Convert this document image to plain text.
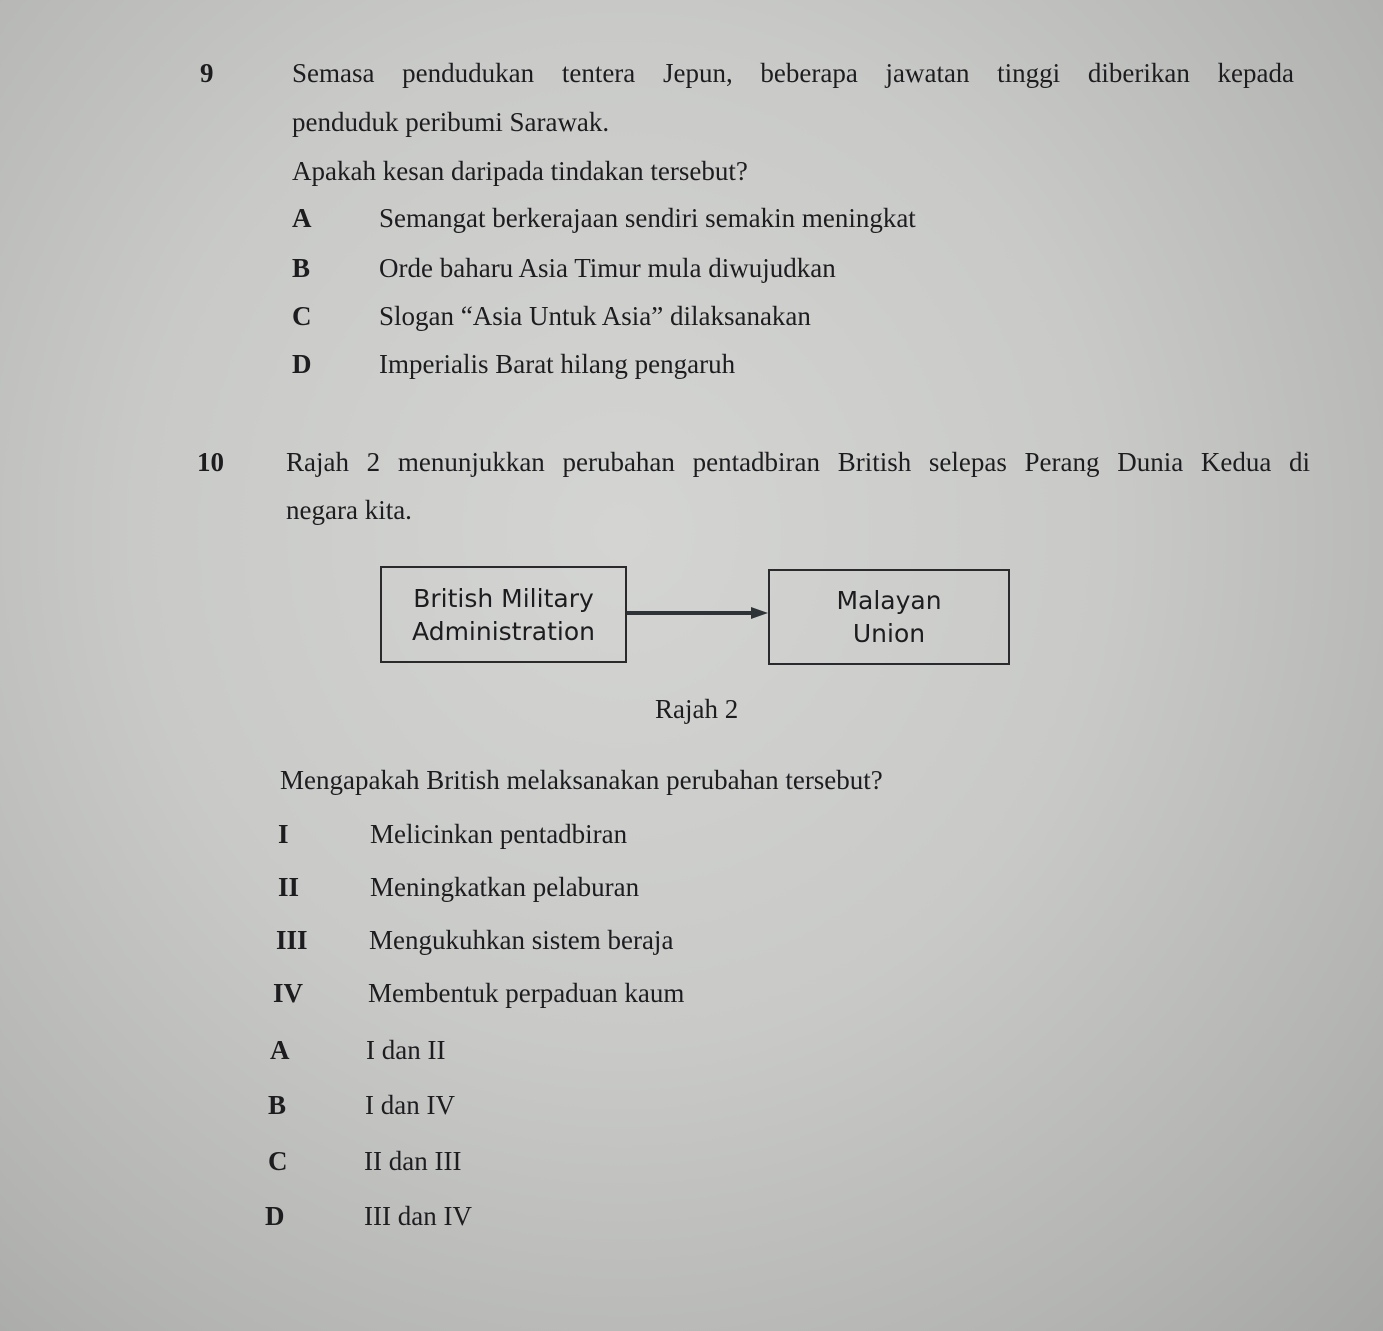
9	Semasa pendudukan tentera Jepun, beberapa jawatan tinggi diberikan kepada
penduduk peribumi Sarawak.
Apakah kesan daripada tindakan tersebut?
A	Semangat berkerajaan sendiri semakin meningkat
B	Orde baharu Asia Timur mula diwujudkan
C	Slogan “Asia Untuk Asia” dilaksanakan
D	Imperialis Barat hilang pengaruh
10 Rajah 2 menunjukkan perubahan pentadbiran British selepas Perang Dunia Kedua di
negara kita.
British Military
Administration
Malayan
Union
Rajah 2
Mengapakah British melaksanakan perubahan tersebut?
I	Melicinkan pentadbiran
II	Meningkatkan pelaburan
III Mengukuhkan sistem beraja
IV Membentuk perpaduan kaum
A	I dan II
B	I dan IV
C	II dan III
D	III dan IV
